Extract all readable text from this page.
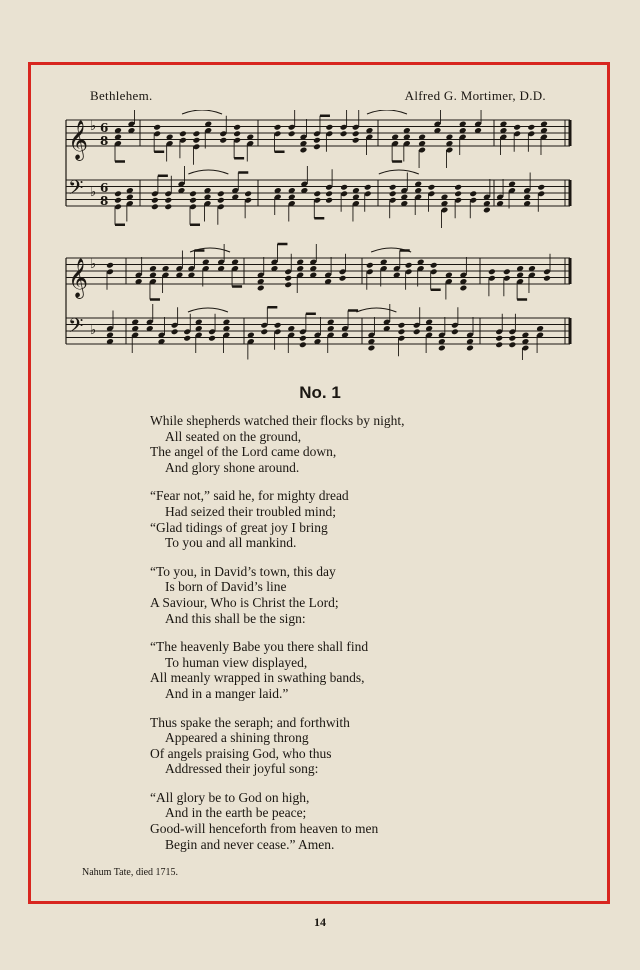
Bethlehem.	Alfred G. Mortimer, D.D.
𝄞 ♭ 6
8
𝄢 ♭ 6
8
𝄞 ♭
𝄢 ♭
No. 1
While shepherds watched their flocks by night,
All seated on the ground,
The angel of the Lord came down,
And glory shone around.
“Fear not,” said he, for mighty dread
Had seized their troubled mind;
“Glad tidings of great joy I bring
To you and all mankind.
“To you, in David’s town, this day
Is born of David’s line
A Saviour, Who is Christ the Lord;
And this shall be the sign:
“The heavenly Babe you there shall find
To human view displayed,
All meanly wrapped in swathing bands,
And in a manger laid.”
Thus spake the seraph; and forthwith
Appeared a shining throng
Of angels praising God, who thus
Addressed their joyful song:
“All glory be to God on high,
And in the earth be peace;
Good-will henceforth from heaven to men
Begin and never cease.” Amen.
Nahum Tate, died 1715.
14
